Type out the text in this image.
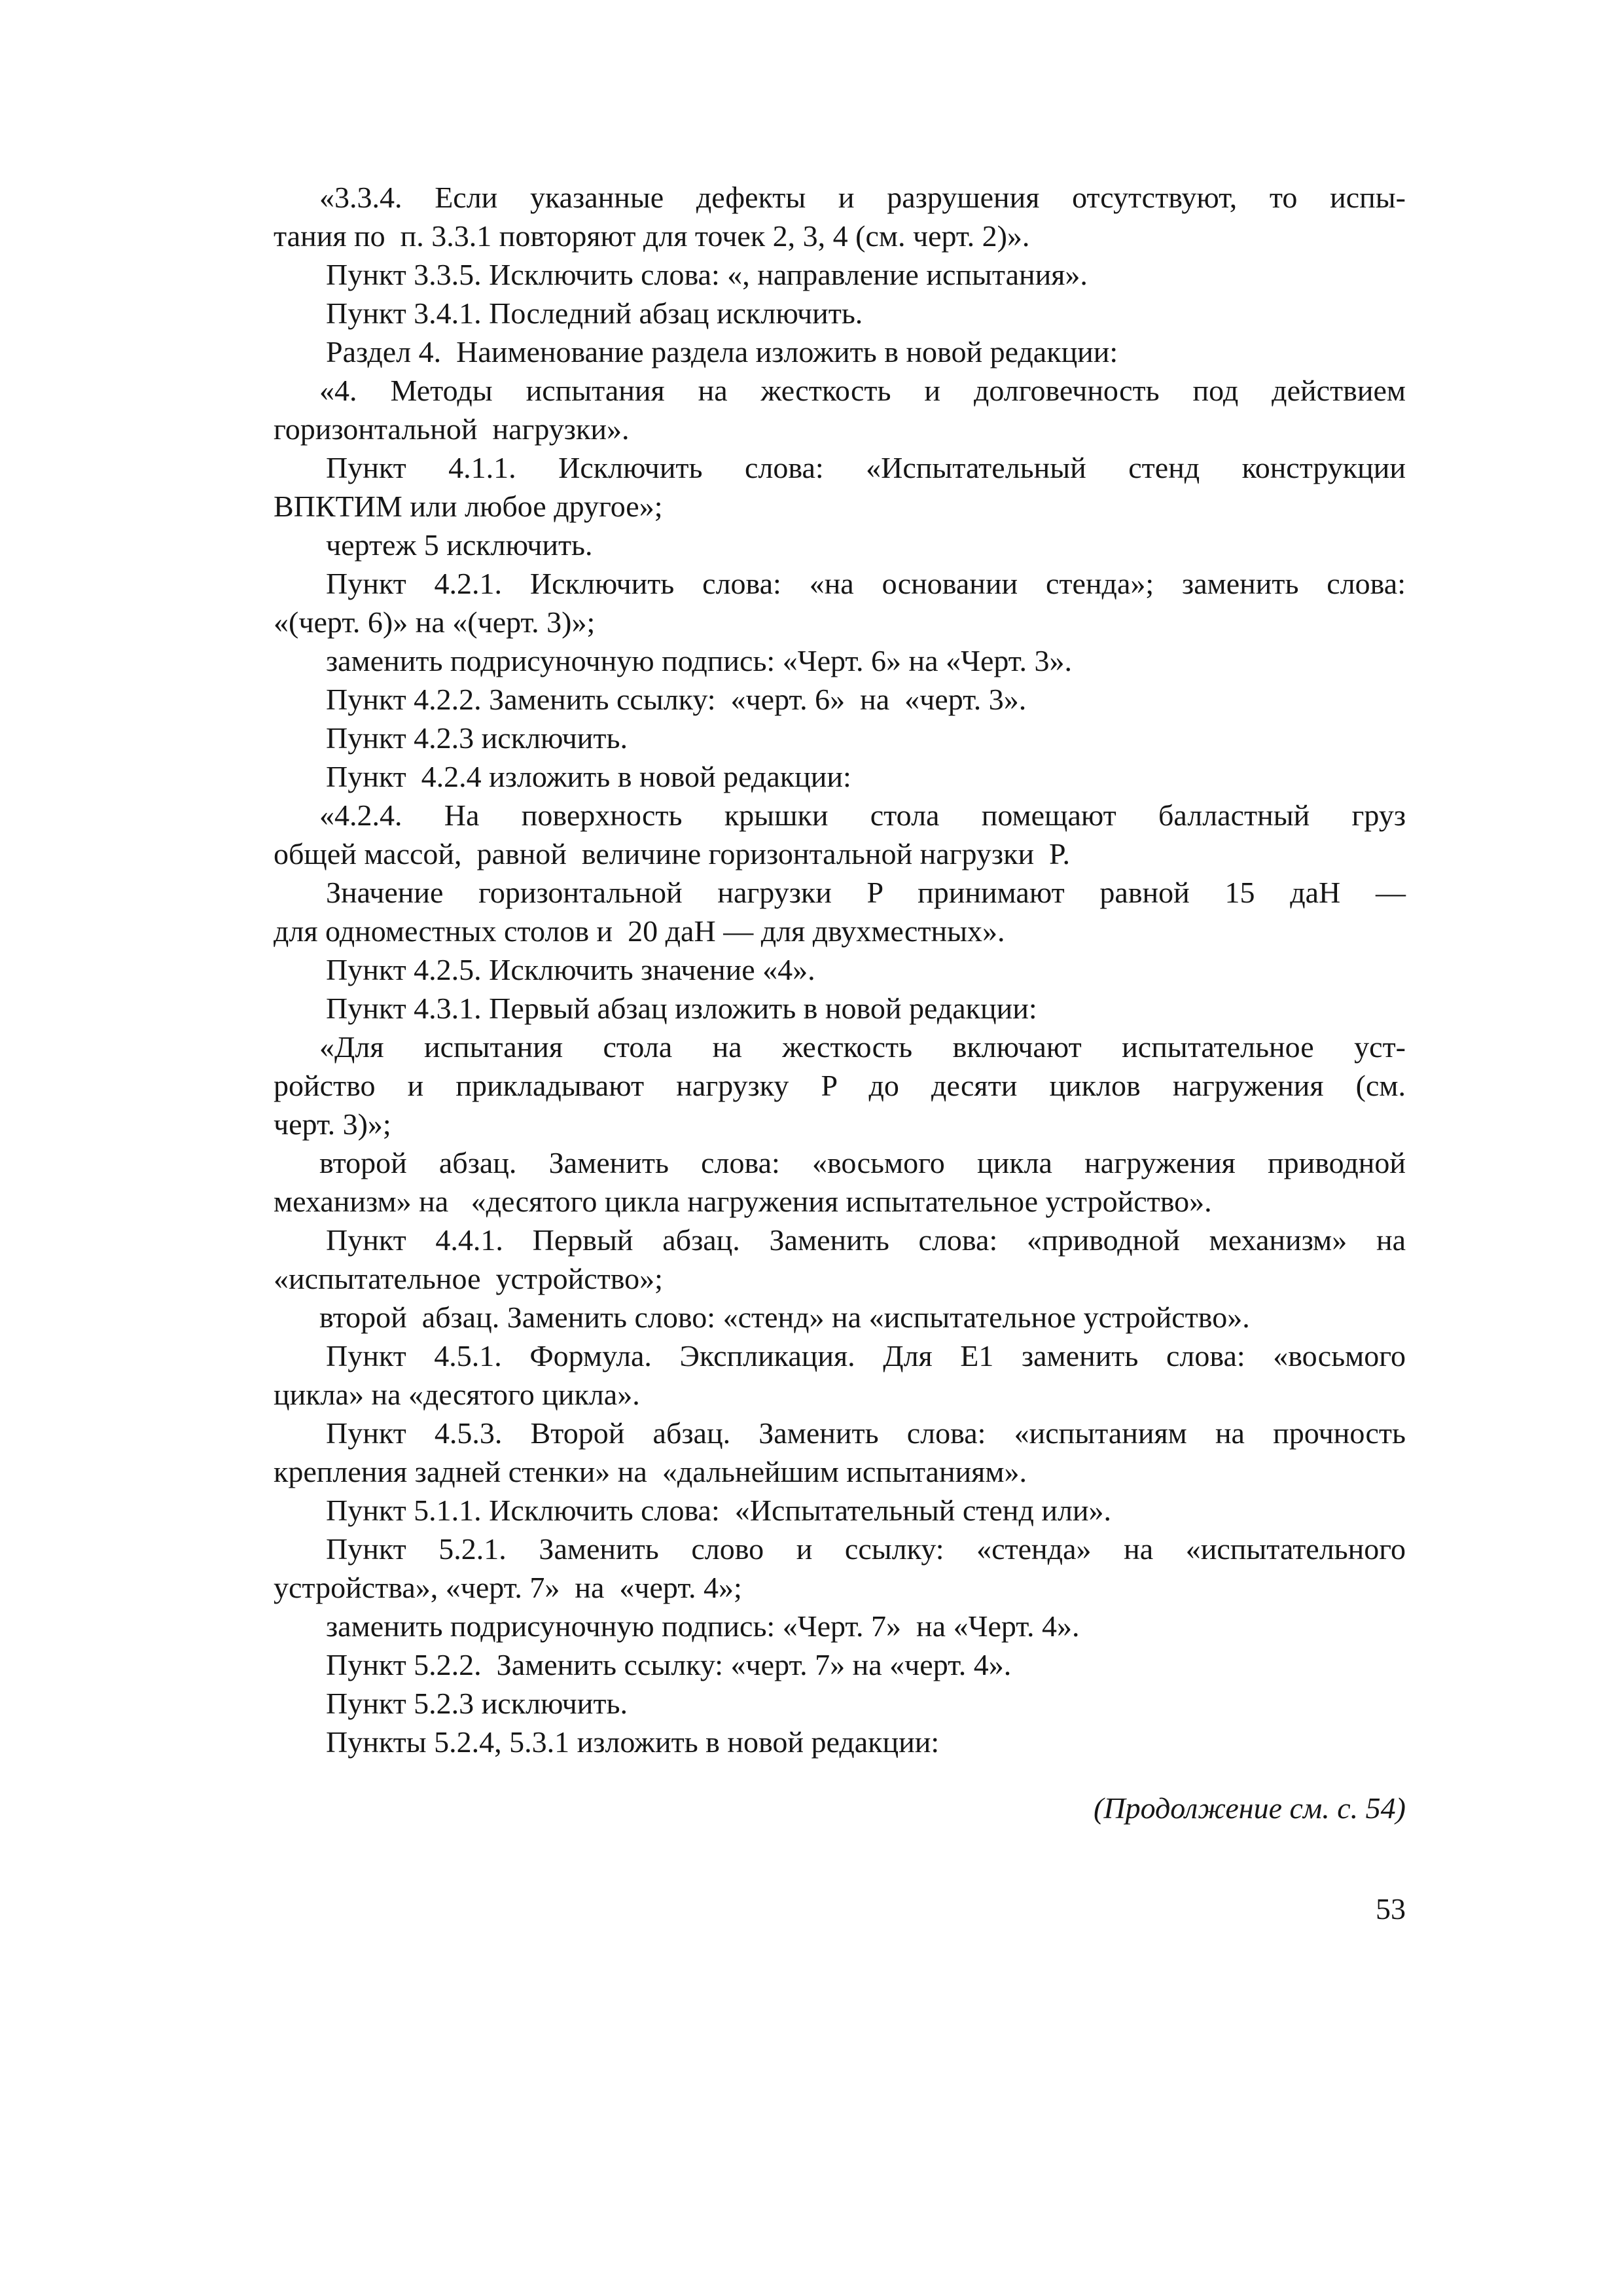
«3.3.4. Если указанные дефекты и разрушения отсутствуют, то испы-
тания по  п. 3.3.1 повторяют для точек 2, 3, 4 (см. черт. 2)».
Пункт 3.3.5. Исключить слова: «, направление испытания».
Пункт 3.4.1. Последний абзац исключить.
Раздел 4.  Наименование раздела изложить в новой редакции:
«4. Методы испытания на жесткость и долговечность под действием
горизонтальной  нагрузки».
Пункт 4.1.1. Исключить слова: «Испытательный стенд конструкции
ВПКТИМ или любое другое»;
чертеж 5 исключить.
Пункт 4.2.1. Исключить слова: «на основании стенда»; заменить слова:
«(черт. 6)» на «(черт. 3)»;
заменить подрисуночную подпись: «Черт. 6» на «Черт. 3».
Пункт 4.2.2. Заменить ссылку:  «черт. 6»  на  «черт. 3».
Пункт 4.2.3 исключить.
Пункт  4.2.4 изложить в новой редакции:
«4.2.4. На поверхность крышки стола помещают балластный груз
общей массой,  равной  величине горизонтальной нагрузки  P.
Значение горизонтальной нагрузки P принимают равной 15 даН —
для одноместных столов и  20 даН — для двухместных».
Пункт 4.2.5. Исключить значение «4».
Пункт 4.3.1. Первый абзац изложить в новой редакции:
«Для испытания стола на жесткость включают испытательное уст-
ройство и прикладывают нагрузку P до десяти циклов нагружения (см.
черт. 3)»;
второй абзац. Заменить слова: «восьмого цикла нагружения приводной
механизм» на   «десятого цикла нагружения испытательное устройство».
Пункт 4.4.1. Первый абзац. Заменить слова: «приводной механизм» на
«испытательное  устройство»;
второй  абзац. Заменить слово: «стенд» на «испытательное устройство».
Пункт 4.5.1. Формула. Экспликация. Для E1 заменить слова: «восьмого
цикла» на «десятого цикла».
Пункт 4.5.3. Второй абзац. Заменить слова: «испытаниям на прочность
крепления задней стенки» на  «дальнейшим испытаниям».
Пункт 5.1.1. Исключить слова:  «Испытательный стенд или».
Пункт 5.2.1. Заменить слово и ссылку: «стенда» на «испытательного
устройства», «черт. 7»  на  «черт. 4»;
заменить подрисуночную подпись: «Черт. 7»  на «Черт. 4».
Пункт 5.2.2.  Заменить ссылку: «черт. 7» на «черт. 4».
Пункт 5.2.3 исключить.
Пункты 5.2.4, 5.3.1 изложить в новой редакции:
(Продолжение см. с. 54)
53
